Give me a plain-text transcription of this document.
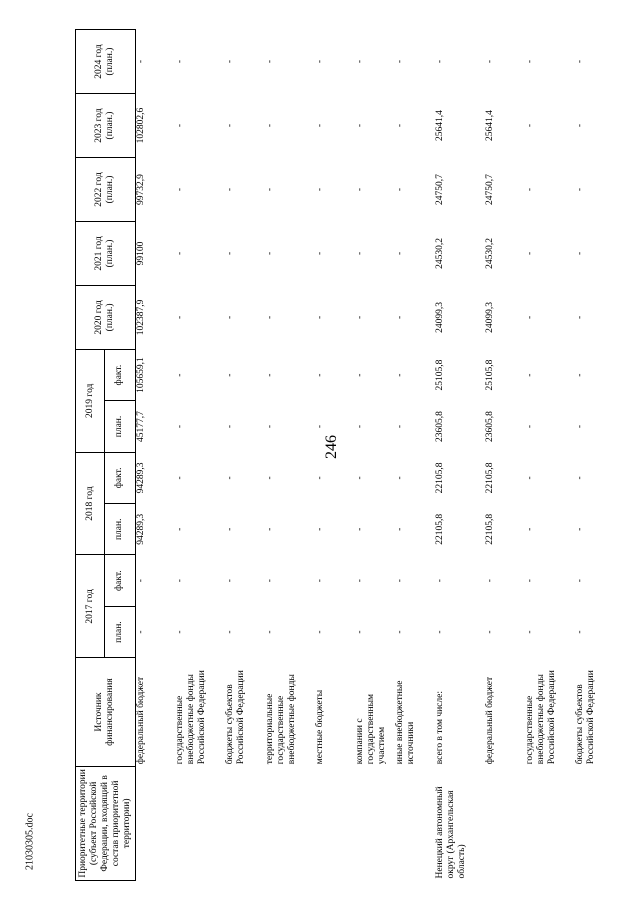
246
21030305.doc	Приоритетные территории (субъект Российской Федерации, входящий в состав приоритетной территории)	Источник финансирования	2017 год		2018 год		2019 год		2020 год (план.)	2021 год (план.)	2022 год (план.)	2023 год (план.)	2024 год (план.)
		план.	факт.	план.	факт.	план.	факт.					
	федеральный бюджет	-	-	94289,3	94289,3	45177,7	105659,1	102387,9	99100	99732,9	102802,6	-
	государственные внебюджетные фонды Российской Федерации	-	-	-	-	-	-	-	-	-	-	-
	бюджеты субъектов Российской Федерации	-	-	-	-	-	-	-	-	-	-	-
	территориальные государственные внебюджетные фонды	-	-	-	-	-	-	-	-	-	-	-
	местные бюджеты	-	-	-	-	-	-	-	-	-	-	-
	компании с государственным участием	-	-	-	-	-	-	-	-	-	-	-
	иные внебюджетные источники	-	-	-	-	-	-	-	-	-	-	-
Ненецкий автономный округ (Архангельская область)	всего в том числе:	-	-	22105,8	22105,8	23605,8	25105,8	24099,3	24530,2	24750,7	25641,4	-
	федеральный бюджет	-	-	22105,8	22105,8	23605,8	25105,8	24099,3	24530,2	24750,7	25641,4	-
	государственные внебюджетные фонды Российской Федерации	-	-	-	-	-	-	-	-	-	-	-
	бюджеты субъектов Российской Федерации	-	-	-	-	-	-	-	-	-	-	-
